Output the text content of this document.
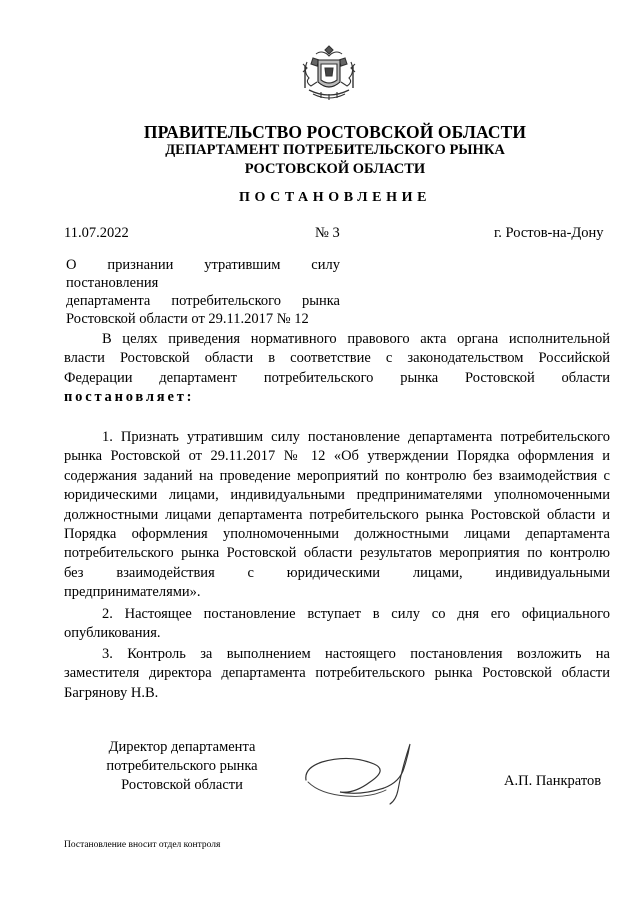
ПРАВИТЕЛЬСТВО РОСТОВСКОЙ ОБЛАСТИ
ДЕПАРТАМЕНТ ПОТРЕБИТЕЛЬСКОГО РЫНКА
РОСТОВСКОЙ ОБЛАСТИ
ПОСТАНОВЛЕНИЕ
11.07.2022	№ 3	г. Ростов-на-Дону
О признании утратившим силу постановления
департамента потребительского рынка
Ростовской области от 29.11.2017 № 12
В целях приведения нормативного правового акта органа исполнительной
власти Ростовской области в соответствие с законодательством Российской
Федерации департамент потребительского рынка Ростовской области
постановляет:
1. Признать утратившим силу постановление департамента потребительского
рынка Ростовской от 29.11.2017 № 12 «Об утверждении Порядка оформления и
содержания заданий на проведение мероприятий по контролю без взаимодействия с
юридическими лицами, индивидуальными предпринимателями уполномоченными
должностными лицами департамента потребительского рынка Ростовской области и
Порядка оформления уполномоченными должностными лицами департамента
потребительского рынка Ростовской области результатов мероприятия по контролю
без взаимодействия с юридическими лицами, индивидуальными
предпринимателями».
2. Настоящее постановление вступает в силу со дня его официального
опубликования.
3. Контроль за выполнением настоящего постановления возложить на
заместителя директора департамента потребительского рынка Ростовской области
Багрянову Н.В.
Директор департамента
потребительского рынка
Ростовской области	А.П. Панкратов
Постановление вносит отдел контроля
